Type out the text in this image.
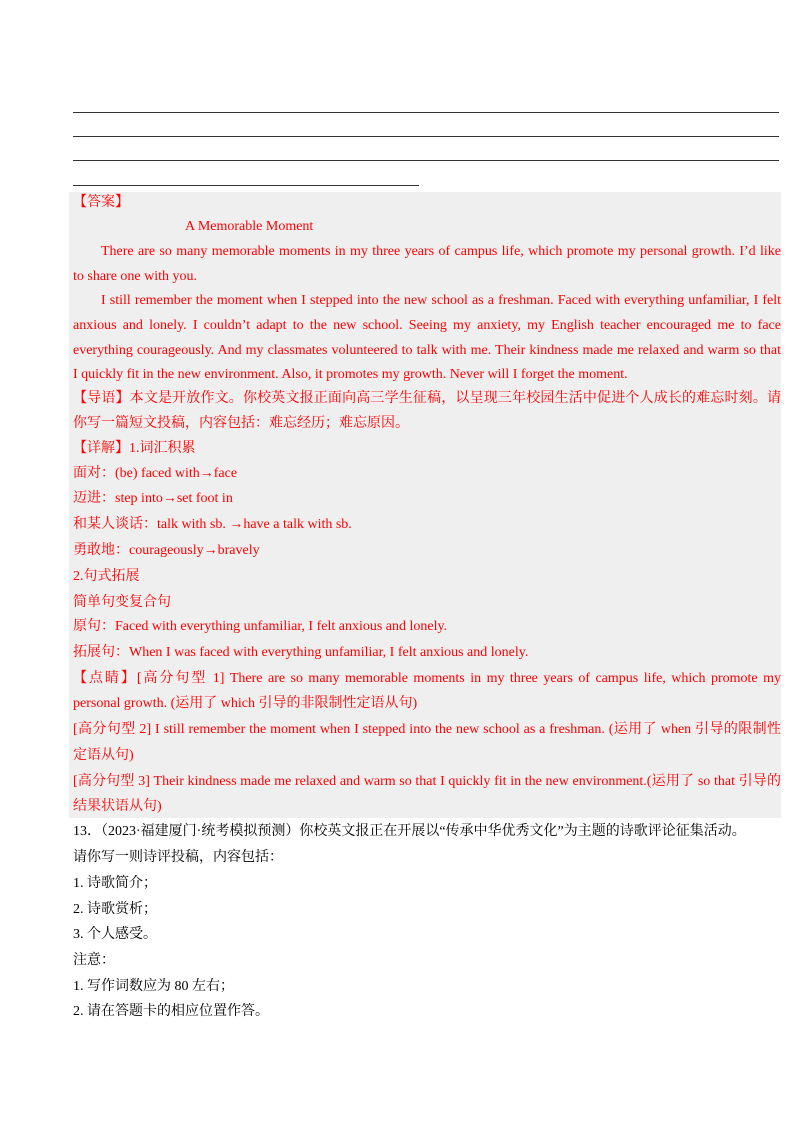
【答案】
A Memorable Moment
There are so many memorable moments in my three years of campus life, which promote my personal growth. I’d like
to share one with you.
I still remember the moment when I stepped into the new school as a freshman. Faced with everything unfamiliar, I felt
anxious and lonely. I couldn’t adapt to the new school. Seeing my anxiety, my English teacher encouraged me to face
everything courageously. And my classmates volunteered to talk with me. Their kindness made me relaxed and warm so that
I quickly fit in the new environment. Also, it promotes my growth. Never will I forget the moment.
【导语】本文是开放作文。你校英文报正面向高三学生征稿，以呈现三年校园生活中促进个人成长的难忘时刻。请
你写一篇短文投稿，内容包括：难忘经历；难忘原因。
【详解】1.词汇积累
面对：(be) faced with→face
迈进：step into→set foot in
和某人谈话：talk with sb. →have a talk with sb.
勇敢地：courageously→bravely
2.句式拓展
简单句变复合句
原句：Faced with everything unfamiliar, I felt anxious and lonely.
拓展句：When I was faced with everything unfamiliar, I felt anxious and lonely.
【点睛】[高分句型 1] There are so many memorable moments in my three years of campus life, which promote my
personal growth. (运用了 which 引导的非限制性定语从句)
[高分句型 2] I still remember the moment when I stepped into the new school as a freshman. (运用了 when 引导的限制性
定语从句)
[高分句型 3] Their kindness made me relaxed and warm so that I quickly fit in the new environment.(运用了 so that 引导的
结果状语从句)
13．（2023·福建厦门·统考模拟预测）你校英文报正在开展以“传承中华优秀文化”为主题的诗歌评论征集活动。
请你写一则诗评投稿，内容包括：
1. 诗歌简介；
2. 诗歌赏析；
3. 个人感受。
注意：
1. 写作词数应为 80 左右；
2. 请在答题卡的相应位置作答。
